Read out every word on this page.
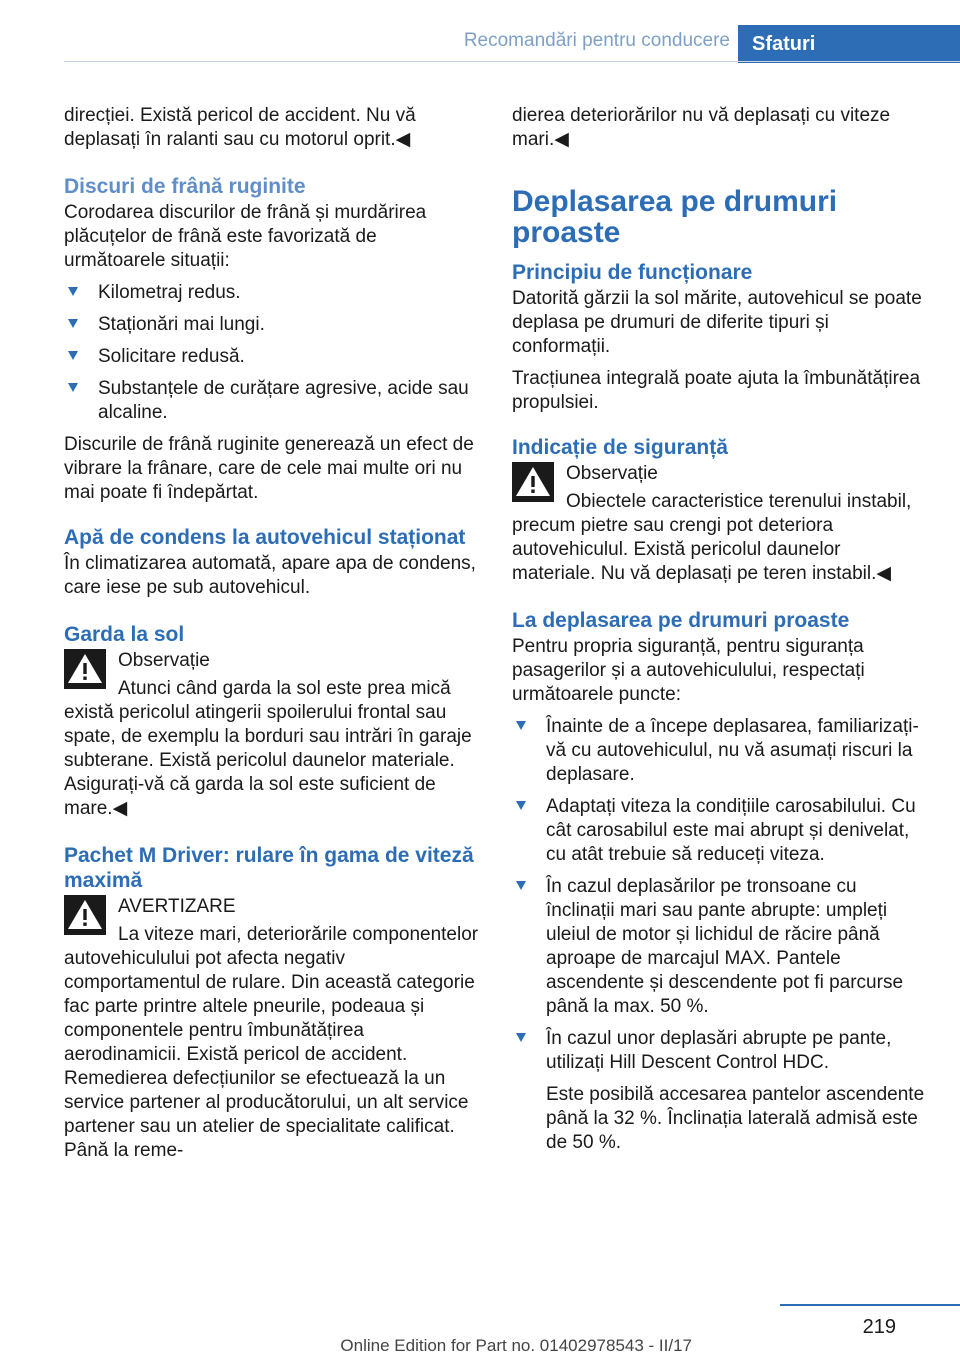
Recomandări pentru conducere	Sfaturi

direcției. Există pericol de accident. Nu vă deplasați în ralanti sau cu motorul oprit.◀

Discuri de frână ruginite

Corodarea discurilor de frână și murdărirea plăcuțelor de frână este favorizată de următoarele situații:

Kilometraj redus.
Staționări mai lungi.
Solicitare redusă.
Substanțele de curățare agresive, acide sau alcaline.

Discurile de frână ruginite generează un efect de vibrare la frânare, care de cele mai multe ori nu mai poate fi îndepărtat.

Apă de condens la autovehicul staționat

În climatizarea automată, apare apa de condens, care iese pe sub autovehicul.

Garda la sol
Observație
Atunci când garda la sol este prea mică există pericolul atingerii spoilerului frontal sau spate, de exemplu la borduri sau intrări în garaje subterane. Există pericolul daunelor materiale. Asigurați-vă că garda la sol este suficient de mare.◀
Pachet M Driver: rulare în gama de viteză maximă
AVERTIZARE
La viteze mari, deteriorările componentelor autovehiculului pot afecta negativ comportamentul de rulare. Din această categorie fac parte printre altele pneurile, podeaua și componentele pentru îmbunătățirea aerodinamicii. Există pericol de accident. Remedierea defecțiunilor se efectuează la un service partener al producătorului, un alt service partener sau un atelier de specialitate calificat. Până la reme-

dierea deteriorărilor nu vă deplasați cu viteze mari.◀

Deplasarea pe drumuri proaste
Principiu de funcționare

Datorită gărzii la sol mărite, autovehicul se poate deplasa pe drumuri de diferite tipuri și conformații.

Tracțiunea integrală poate ajuta la îmbunătățirea propulsiei.

Indicație de siguranță
Observație
Obiectele caracteristice terenului instabil, precum pietre sau crengi pot deteriora autovehiculul. Există pericolul daunelor materiale. Nu vă deplasați pe teren instabil.◀
La deplasarea pe drumuri proaste

Pentru propria siguranță, pentru siguranța pasagerilor și a autovehiculului, respectați următoarele puncte:

Înainte de a începe deplasarea, familiarizați-vă cu autovehiculul, nu vă asumați riscuri la deplasare.
Adaptați viteza la condițiile carosabilului. Cu cât carosabilul este mai abrupt și denivelat, cu atât trebuie să reduceți viteza.
În cazul deplasărilor pe tronsoane cu înclinații mari sau pante abrupte: umpleți uleiul de motor și lichidul de răcire până aproape de marcajul MAX. Pantele ascendente și descendente pot fi parcurse până la max. 50 %.
În cazul unor deplasări abrupte pe pante, utilizați Hill Descent Control HDC.
Este posibilă accesarea pantelor ascendente până la 32 %. Înclinația laterală admisă este de 50 %.
219
Online Edition for Part no. 01402978543 - II/17
